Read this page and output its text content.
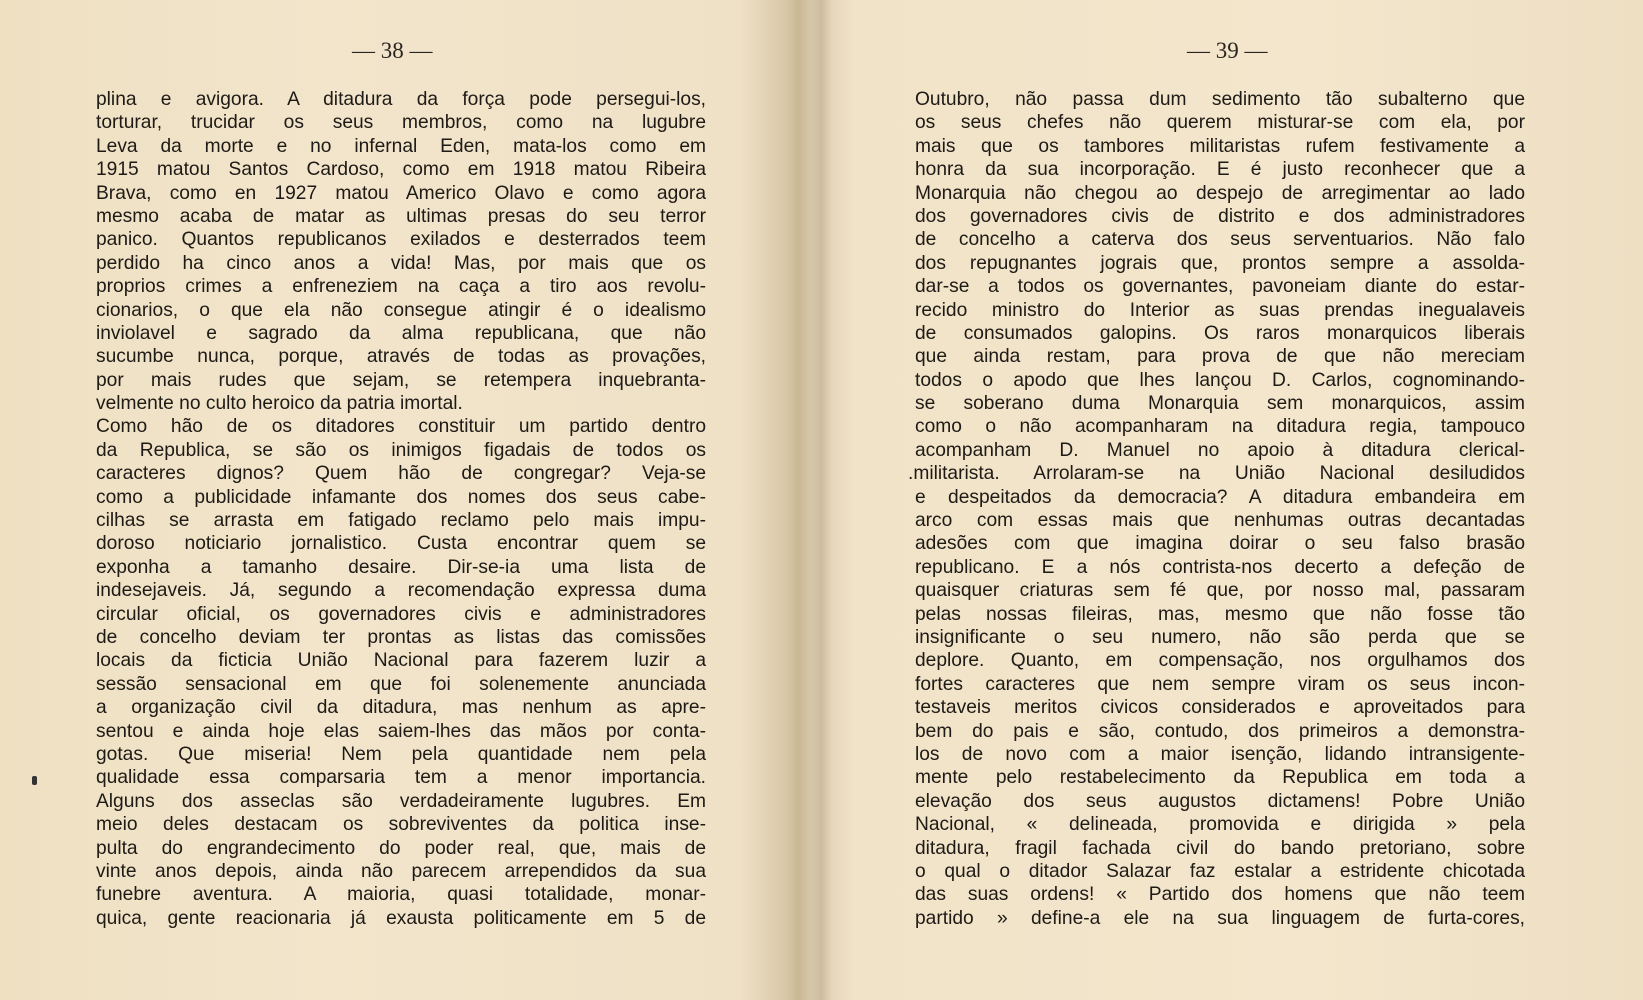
— 38 —
plina e avigora. A ditadura da força pode persegui-los,
torturar, trucidar os seus membros, como na lugubre
Leva da morte e no infernal Eden, mata-los como em
1915 matou Santos Cardoso, como em 1918 matou Ribeira
Brava, como en 1927 matou Americo Olavo e como agora
mesmo acaba de matar as ultimas presas do seu terror
panico. Quantos republicanos exilados e desterrados teem
perdido ha cinco anos a vida! Mas, por mais que os
proprios crimes a enfreneziem na caça a tiro aos revolu-
cionarios, o que ela não consegue atingir é o idealismo
inviolavel e sagrado da alma republicana, que não
sucumbe nunca, porque, através de todas as provações,
por mais rudes que sejam, se retempera inquebranta-
velmente no culto heroico da patria imortal.
Como hão de os ditadores constituir um partido dentro
da Republica, se são os inimigos figadais de todos os
caracteres dignos? Quem hão de congregar? Veja-se
como a publicidade infamante dos nomes dos seus cabe-
cilhas se arrasta em fatigado reclamo pelo mais impu-
doroso noticiario jornalistico. Custa encontrar quem se
exponha a tamanho desaire. Dir-se-ia uma lista de
indesejaveis. Já, segundo a recomendação expressa duma
circular oficial, os governadores civis e administradores
de concelho deviam ter prontas as listas das comissões
locais da ficticia União Nacional para fazerem luzir a
sessão sensacional em que foi solenemente anunciada
a organização civil da ditadura, mas nenhum as apre-
sentou e ainda hoje elas saiem-lhes das mãos por conta-
gotas. Que miseria! Nem pela quantidade nem pela
qualidade essa comparsaria tem a menor importancia.
Alguns dos asseclas são verdadeiramente lugubres. Em
meio deles destacam os sobreviventes da politica inse-
pulta do engrandecimento do poder real, que, mais de
vinte anos depois, ainda não parecem arrependidos da sua
funebre aventura. A maioria, quasi totalidade, monar-
quica, gente reacionaria já exausta politicamente em 5 de
— 39 —
Outubro, não passa dum sedimento tão subalterno que
os seus chefes não querem misturar-se com ela, por
mais que os tambores militaristas rufem festivamente a
honra da sua incorporação. E é justo reconhecer que a
Monarquia não chegou ao despejo de arregimentar ao lado
dos governadores civis de distrito e dos administradores
de concelho a caterva dos seus serventuarios. Não falo
dos repugnantes jograis que, prontos sempre a assolda-
dar-se a todos os governantes, pavoneiam diante do estar-
recido ministro do Interior as suas prendas inegualaveis
de consumados galopins. Os raros monarquicos liberais
que ainda restam, para prova de que não mereciam
todos o apodo que lhes lançou D. Carlos, cognominando-
se soberano duma Monarquia sem monarquicos, assim
como o não acompanharam na ditadura regia, tampouco
acompanham D. Manuel no apoio à ditadura clerical-
.militarista. Arrolaram-se na União Nacional desiludidos
e despeitados da democracia? A ditadura embandeira em
arco com essas mais que nenhumas outras decantadas
adesões com que imagina doirar o seu falso brasão
republicano. E a nós contrista-nos decerto a defeção de
quaisquer criaturas sem fé que, por nosso mal, passaram
pelas nossas fileiras, mas, mesmo que não fosse tão
insignificante o seu numero, não são perda que se
deplore. Quanto, em compensação, nos orgulhamos dos
fortes caracteres que nem sempre viram os seus incon-
testaveis meritos civicos considerados e aproveitados para
bem do pais e são, contudo, dos primeiros a demonstra-
los de novo com a maior isenção, lidando intransigente-
mente pelo restabelecimento da Republica em toda a
elevação dos seus augustos dictamens! Pobre União
Nacional, « delineada, promovida e dirigida » pela
ditadura, fragil fachada civil do bando pretoriano, sobre
o qual o ditador Salazar faz estalar a estridente chicotada
das suas ordens! « Partido dos homens que não teem
partido » define-a ele na sua linguagem de furta-cores,
